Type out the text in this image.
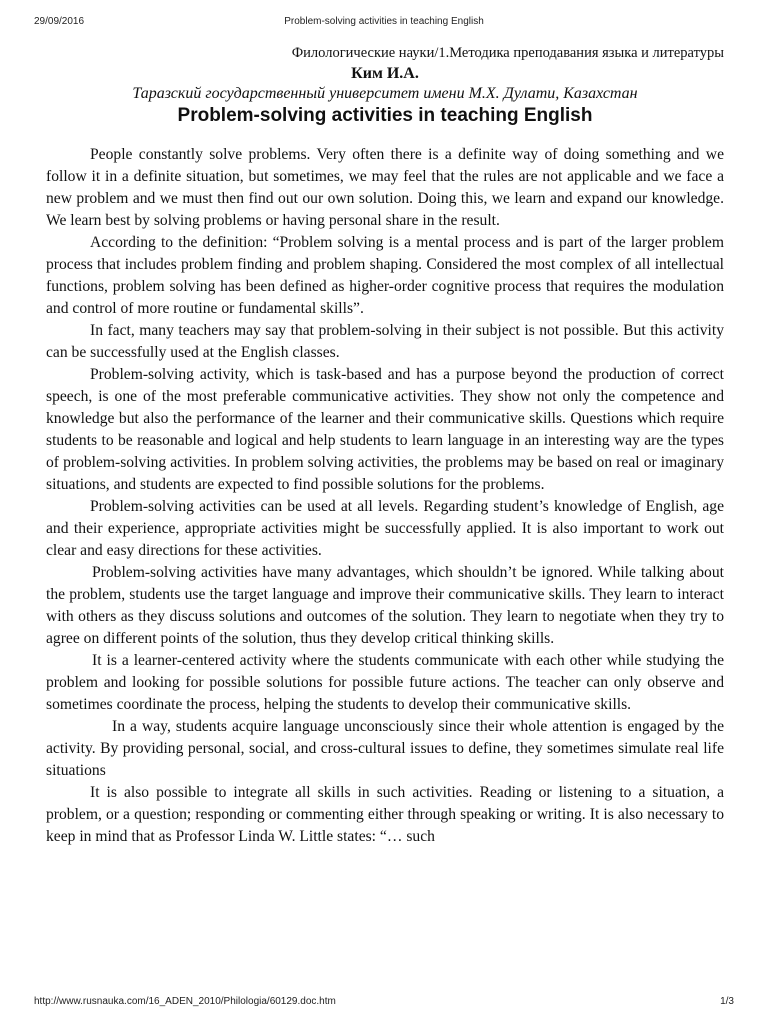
29/09/2016	Problem-solving activities in teaching English

Филологические науки/1.Методика преподавания языка и литературы

Ким И.А.

Таразский государственный университет имени М.Х. Дулати, Казахстан

Problem-solving activities in teaching English

People constantly solve problems. Very often there is a definite way of doing something and we follow it in a definite situation, but sometimes, we may feel that the rules are not applicable and we face a new problem and we must then find out our own solution. Doing this, we learn and expand our knowledge. We learn best by solving problems or having personal share in the result.

According to the definition: “Problem solving is a mental process and is part of the larger problem process that includes problem finding and problem shaping. Considered the most complex of all intellectual functions, problem solving has been defined as higher-order cognitive process that requires the modulation and control of more routine or fundamental skills”.

In fact, many teachers may say that problem-solving in their subject is not possible. But this activity can be successfully used at the English classes.

Problem-solving activity, which is task-based and has a purpose beyond the production of correct speech, is one of the most preferable communicative activities. They show not only the competence and knowledge but also the performance of the learner and their communicative skills. Questions which require students to be reasonable and logical and help students to learn language in an interesting way are the types of problem-solving activities. In problem solving activities, the problems may be based on real or imaginary situations, and students are expected to find possible solutions for the problems.

Problem-solving activities can be used at all levels. Regarding student’s knowledge of English, age and their experience, appropriate activities might be successfully applied. It is also important to work out clear and easy directions for these activities.

Problem-solving activities have many advantages, which shouldn’t be ignored. While talking about the problem, students use the target language and improve their communicative skills. They learn to interact with others as they discuss solutions and outcomes of the solution. They learn to negotiate when they try to agree on different points of the solution, thus they develop critical thinking skills.

It is a learner-centered activity where the students communicate with each other while studying the problem and looking for possible solutions for possible future actions. The teacher can only observe and sometimes coordinate the process, helping the students to develop their communicative skills.

In a way, students acquire language unconsciously since their whole attention is engaged by the activity. By providing personal, social, and cross-cultural issues to define, they sometimes simulate real life situations

It is also possible to integrate all skills in such activities. Reading or listening to a situation, a problem, or a question; responding or commenting either through speaking or writing. It is also necessary to keep in mind that as Professor Linda W. Little states: “… such

http://www.rusnauka.com/16_ADEN_2010/Philologia/60129.doc.htm	1/3
